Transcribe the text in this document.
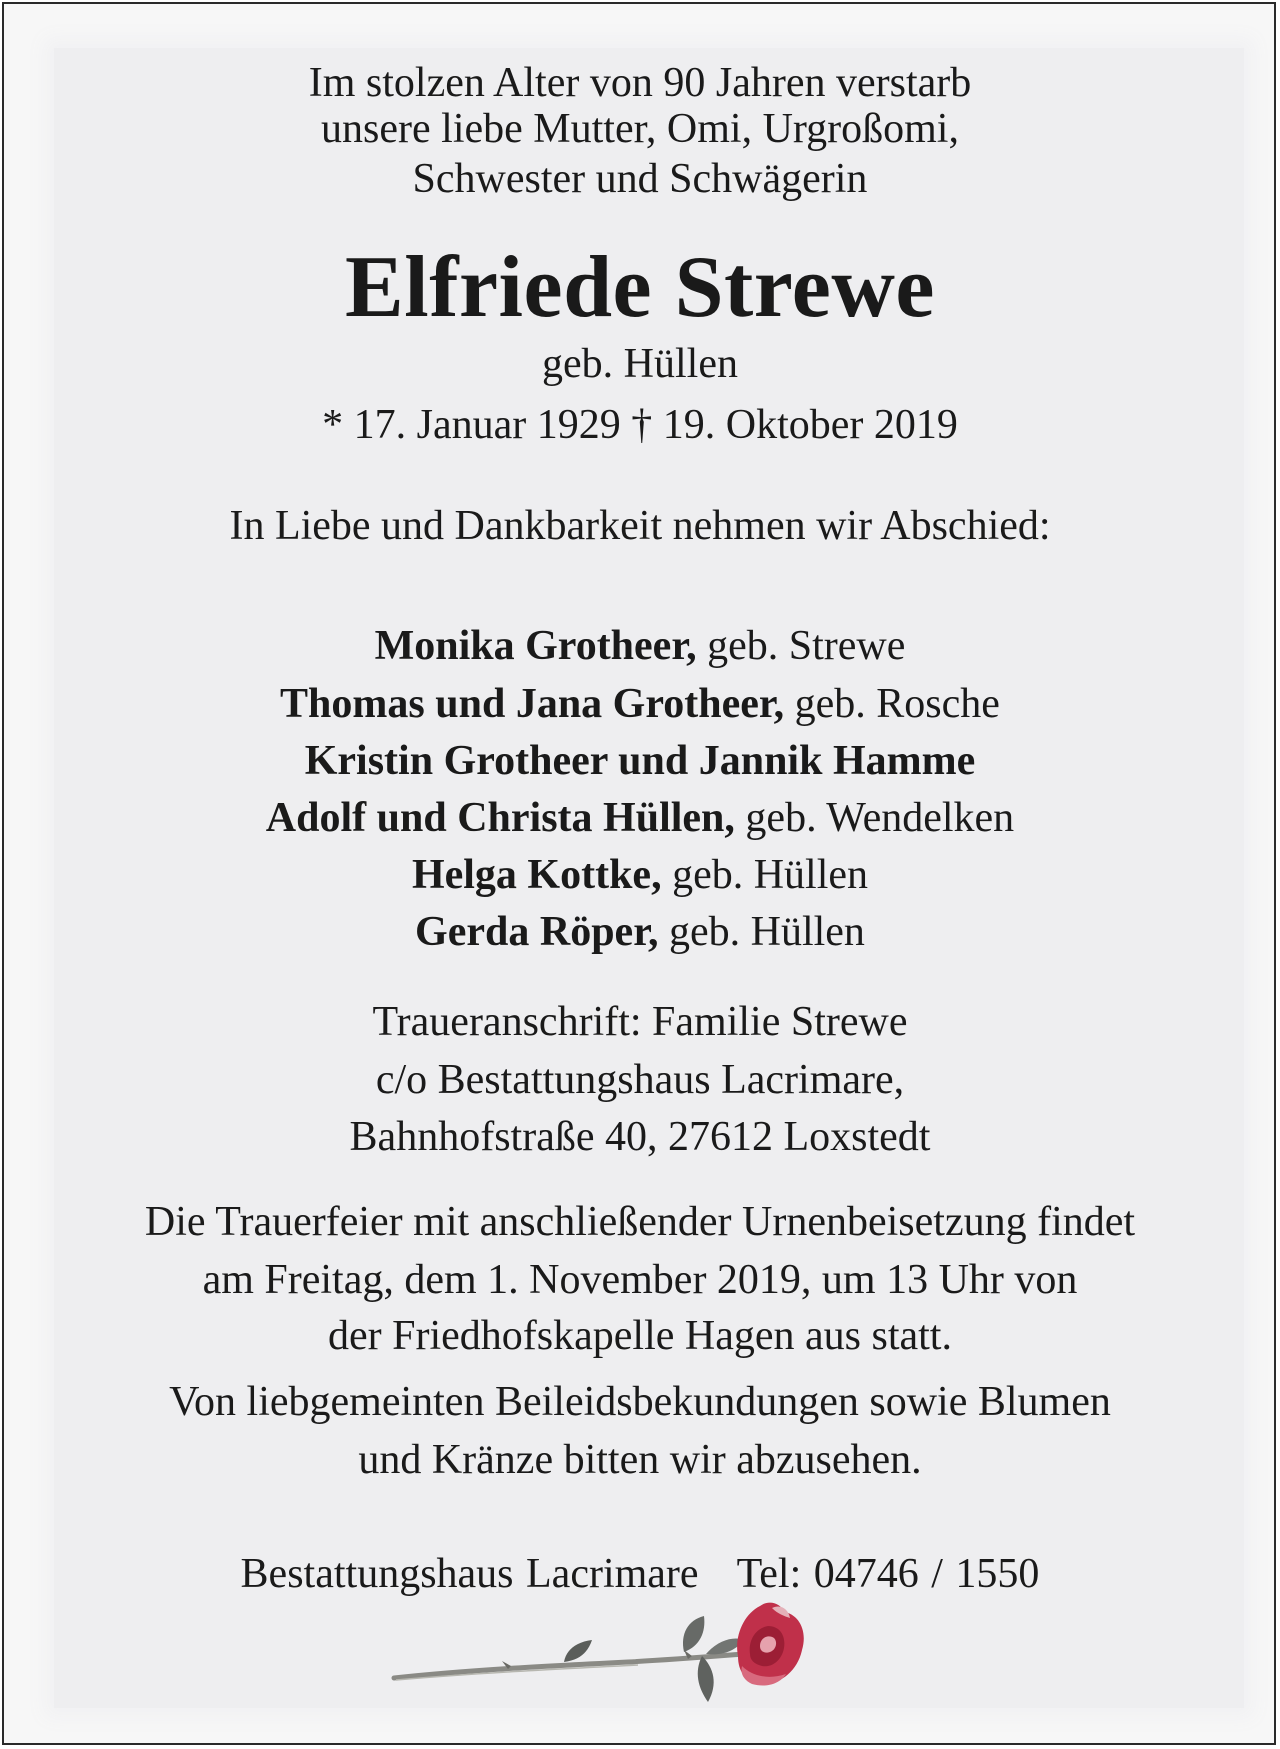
Im stolzen Alter von 90 Jahren verstarb
unsere liebe Mutter, Omi, Urgroßomi,
Schwester und Schwägerin
Elfriede Strewe
geb. Hüllen
* 17. Januar 1929 † 19. Oktober 2019
In Liebe und Dankbarkeit nehmen wir Abschied:
Monika Grotheer, geb. Strewe
Thomas und Jana Grotheer, geb. Rosche
Kristin Grotheer und Jannik Hamme
Adolf und Christa Hüllen, geb. Wendelken
Helga Kottke, geb. Hüllen
Gerda Röper, geb. Hüllen
Traueranschrift: Familie Strewe
c/o Bestattungshaus Lacrimare,
Bahnhofstraße 40, 27612 Loxstedt
Die Trauerfeier mit anschließender Urnenbeisetzung findet
am Freitag, dem 1. November 2019, um 13 Uhr von
der Friedhofskapelle Hagen aus statt.
Von liebgemeinten Beileidsbekundungen sowie Blumen
und Kränze bitten wir abzusehen.
Bestattungshaus Lacrimare Tel: 04746 / 1550
